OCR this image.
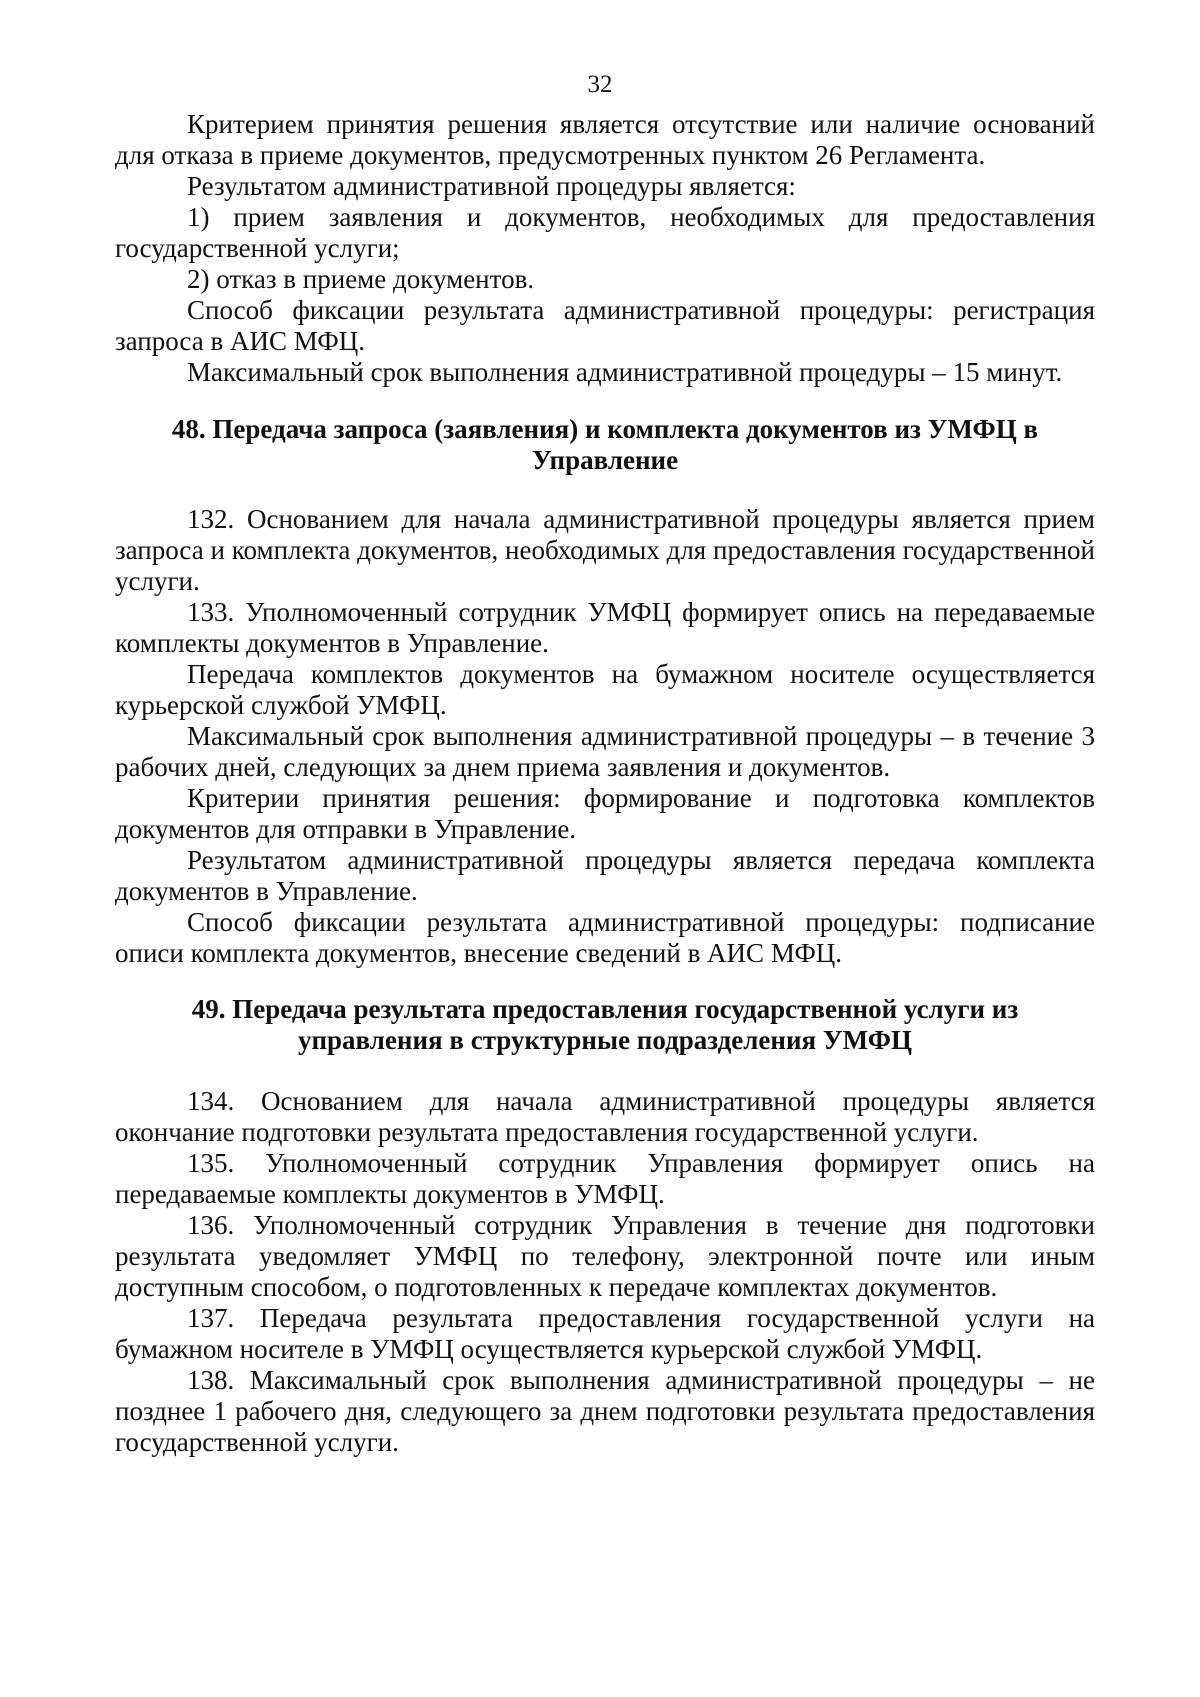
32

Критерием принятия решения является отсутствие или наличие оснований для отказа в приеме документов, предусмотренных пунктом 26 Регламента.

Результатом административной процедуры является:

1) прием заявления и документов, необходимых для предоставления государственной услуги;

2) отказ в приеме документов.

Способ фиксации результата административной процедуры: регистрация запроса в АИС МФЦ.

Максимальный срок выполнения административной процедуры – 15 минут.

48. Передача запроса (заявления) и комплекта документов из УМФЦ в
Управление

132. Основанием для начала административной процедуры является прием запроса и комплекта документов, необходимых для предоставления государственной услуги.

133. Уполномоченный сотрудник УМФЦ формирует опись на передаваемые комплекты документов в Управление.

Передача комплектов документов на бумажном носителе осуществляется курьерской службой УМФЦ.

Максимальный срок выполнения административной процедуры – в течение 3 рабочих дней, следующих за днем приема заявления и документов.

Критерии принятия решения: формирование и подготовка комплектов документов для отправки в Управление.

Результатом административной процедуры является передача комплекта документов в Управление.

Способ фиксации результата административной процедуры: подписание описи комплекта документов, внесение сведений в АИС МФЦ.

49. Передача результата предоставления государственной услуги из
управления в структурные подразделения УМФЦ

134. Основанием для начала административной процедуры является окончание подготовки результата предоставления государственной услуги.

135. Уполномоченный сотрудник Управления формирует опись на передаваемые комплекты документов в УМФЦ.

136. Уполномоченный сотрудник Управления в течение дня подготовки результата уведомляет УМФЦ по телефону, электронной почте или иным доступным способом, о подготовленных к передаче комплектах документов.

137. Передача результата предоставления государственной услуги на бумажном носителе в УМФЦ осуществляется курьерской службой УМФЦ.

138. Максимальный срок выполнения административной процедуры – не позднее 1 рабочего дня, следующего за днем подготовки результата предоставления государственной услуги.
